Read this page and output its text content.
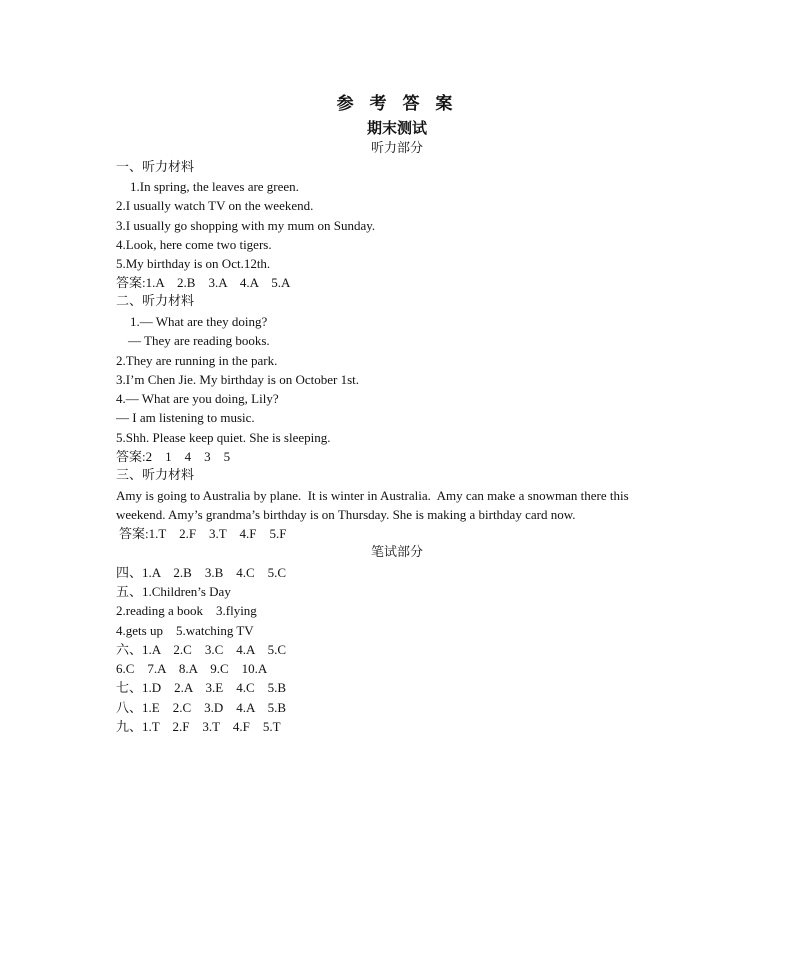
参 考 答 案
期末测试
听力部分
一、听力材料
1.In spring, the leaves are green.
2.I usually watch TV on the weekend.
3.I usually go shopping with my mum on Sunday.
4.Look, here come two tigers.
5.My birthday is on Oct.12th.
答案:1.A    2.B    3.A    4.A    5.A
二、听力材料
1.— What are they doing?
— They are reading books.
2.They are running in the park.
3.I’m Chen Jie. My birthday is on October 1st.
4.— What are you doing, Lily?
— I am listening to music.
5.Shh. Please keep quiet. She is sleeping.
答案:2    1    4    3    5
三、听力材料
Amy is going to Australia by plane.  It is winter in Australia.  Amy can make a snowman there this
weekend. Amy’s grandma’s birthday is on Thursday. She is making a birthday card now.
答案:1.T    2.F    3.T    4.F    5.F
笔试部分
四、1.A    2.B    3.B    4.C    5.C
五、1.Children’s Day
2.reading a book    3.flying
4.gets up    5.watching TV
六、1.A    2.C    3.C    4.A    5.C
6.C    7.A    8.A    9.C    10.A
七、1.D    2.A    3.E    4.C    5.B
八、1.E    2.C    3.D    4.A    5.B
九、1.T    2.F    3.T    4.F    5.T
